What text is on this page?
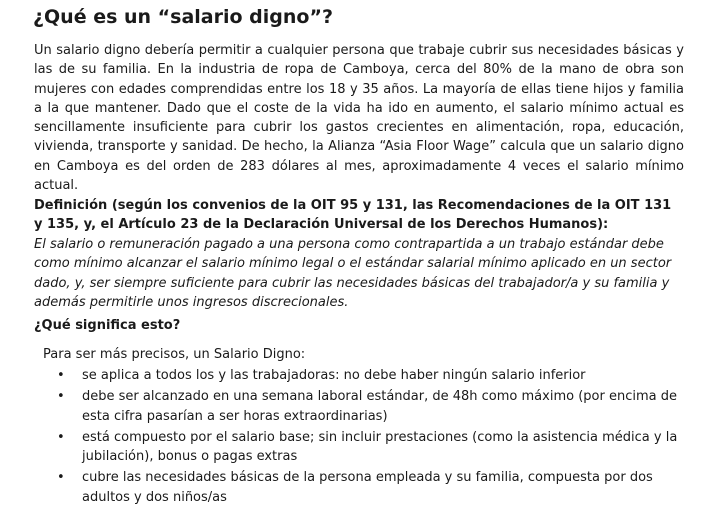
¿Qué es un “salario digno”?

Un salario digno debería permitir a cualquier persona que trabaje cubrir sus necesidades básicas y las de su familia. En la industria de ropa de Camboya, cerca del 80% de la mano de obra son mujeres con edades comprendidas entre los 18 y 35 años. La mayoría de ellas tiene hijos y familia a la que mantener. Dado que el coste de la vida ha ido en aumento, el salario mínimo actual es sencillamente insuficiente para cubrir los gastos crecientes en alimentación, ropa, educación, vivienda, transporte y sanidad. De hecho, la Alianza “Asia Floor Wage” calcula que un salario digno en Camboya es del orden de 283 dólares al mes, aproximadamente 4 veces el salario mínimo actual.

Definición (según los convenios de la OIT 95 y 131, las Recomendaciones de la OIT 131 y 135, y, el Artículo 23 de la Declaración Universal de los Derechos Humanos):

El salario o remuneración pagado a una persona como contrapartida a un trabajo estándar debe como mínimo alcanzar el salario mínimo legal o el estándar salarial mínimo aplicado en un sector dado, y, ser siempre suficiente para cubrir las necesidades básicas del trabajador/a y su familia y además permitirle unos ingresos discrecionales.

¿Qué significa esto?

Para ser más precisos, un Salario Digno:

• se aplica a todos los y las trabajadoras: no debe haber ningún salario inferior
• debe ser alcanzado en una semana laboral estándar, de 48h como máximo (por encima de esta cifra pasarían a ser horas extraordinarias)
• está compuesto por el salario base; sin incluir prestaciones (como la asistencia médica y la jubilación), bonus o pagas extras
• cubre las necesidades básicas de la persona empleada y su familia, compuesta por dos adultos y dos niños/as
